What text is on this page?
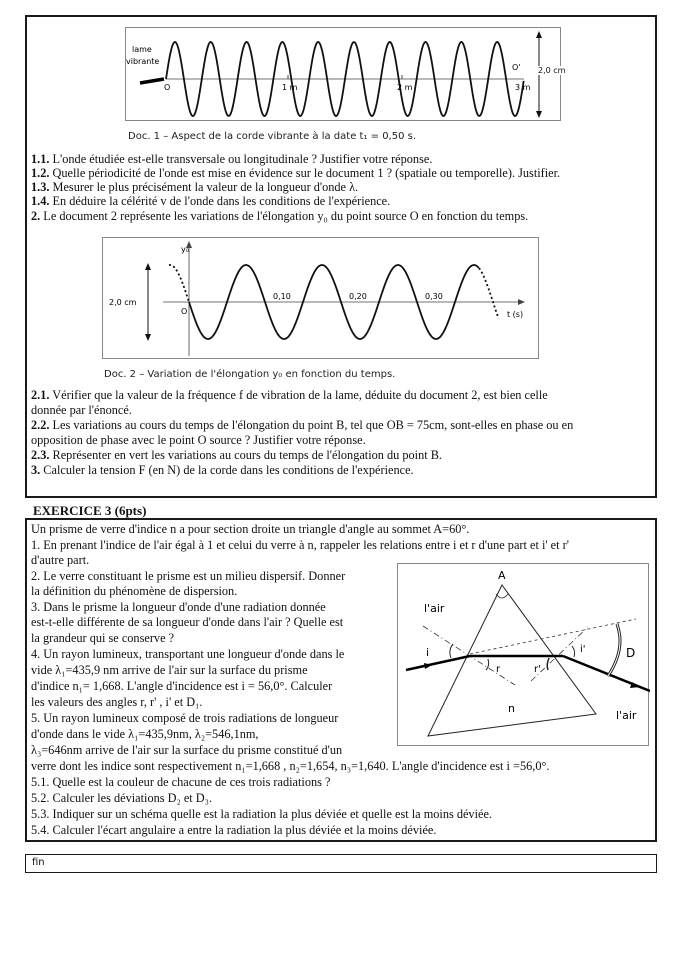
lame
vibrante
O
O'
1 m	2 m	3 m
2,0 cm
Doc. 1 – Aspect de la corde vibrante à la date t₁ = 0,50 s.
1.1. L'onde étudiée est-elle transversale ou longitudinale ? Justifier votre réponse.
1.2. Quelle périodicité de l'onde est mise en évidence sur le document 1 ? (spatiale ou temporelle). Justifier.
1.3. Mesurer le plus précisément la valeur de la longueur d'onde λ.
1.4. En déduire la célérité v de l'onde dans les conditions de l'expérience.
2. Le document 2 représente les variations de l'élongation y₀ du point source O en fonction du temps.
y₀
O
2,0 cm
0,10	0,20	0,30
t (s)
Doc. 2 – Variation de l'élongation y₀ en fonction du temps.
2.1. Vérifier que la valeur de la fréquence f de vibration de la lame, déduite du document 2, est bien celle
donnée par l'énoncé.
2.2. Les variations au cours du temps de l'élongation du point B, tel que OB = 75cm, sont-elles en phase ou en
opposition de phase avec le point O source ? Justifier votre réponse.
2.3. Représenter en vert les variations au cours du temps de l'élongation du point B.
3. Calculer la tension F (en N) de la corde dans les conditions de l'expérience.
EXERCICE 3 (6pts)
Un prisme de verre d'indice n a pour section droite un triangle d'angle au sommet A=60°.
1. En prenant l'indice de l'air égal à 1 et celui du verre à n, rappeler les relations entre i et r d'une part et i' et r'
d'autre part.
2. Le verre constituant le prisme est un milieu dispersif. Donner
la définition du phénomène de dispersion.
3. Dans le prisme la longueur d'onde d'une radiation donnée
est-t-elle différente de sa longueur d'onde dans l'air ? Quelle est
la grandeur qui se conserve ?
4. Un rayon lumineux, transportant une longueur d'onde dans le
vide λ₁=435,9 nm arrive de l'air sur la surface du prisme
d'indice n₁= 1,668. L'angle d'incidence est i = 56,0°. Calculer
les valeurs des angles r, r' , i' et D₁.
5. Un rayon lumineux composé de trois radiations de longueur
d'onde dans le vide λ₁=435,9nm, λ₂=546,1nm,
λ₃=646nm arrive de l'air sur la surface du prisme constitué d'un
verre dont les indice sont respectivement n₁=1,668 , n₂=1,654, n₃=1,640. L'angle d'incidence est i =56,0°.
5.1. Quelle est la couleur de chacune de ces trois radiations ?
5.2. Calculer les déviations D₂ et D₃.
5.3. Indiquer sur un schéma quelle est la radiation la plus déviée et quelle est la moins déviée.
5.4. Calculer l'écart angulaire a entre la radiation la plus déviée et la moins déviée.
A
l'air
l'air
n
i
r	r'
i'	D
fin
